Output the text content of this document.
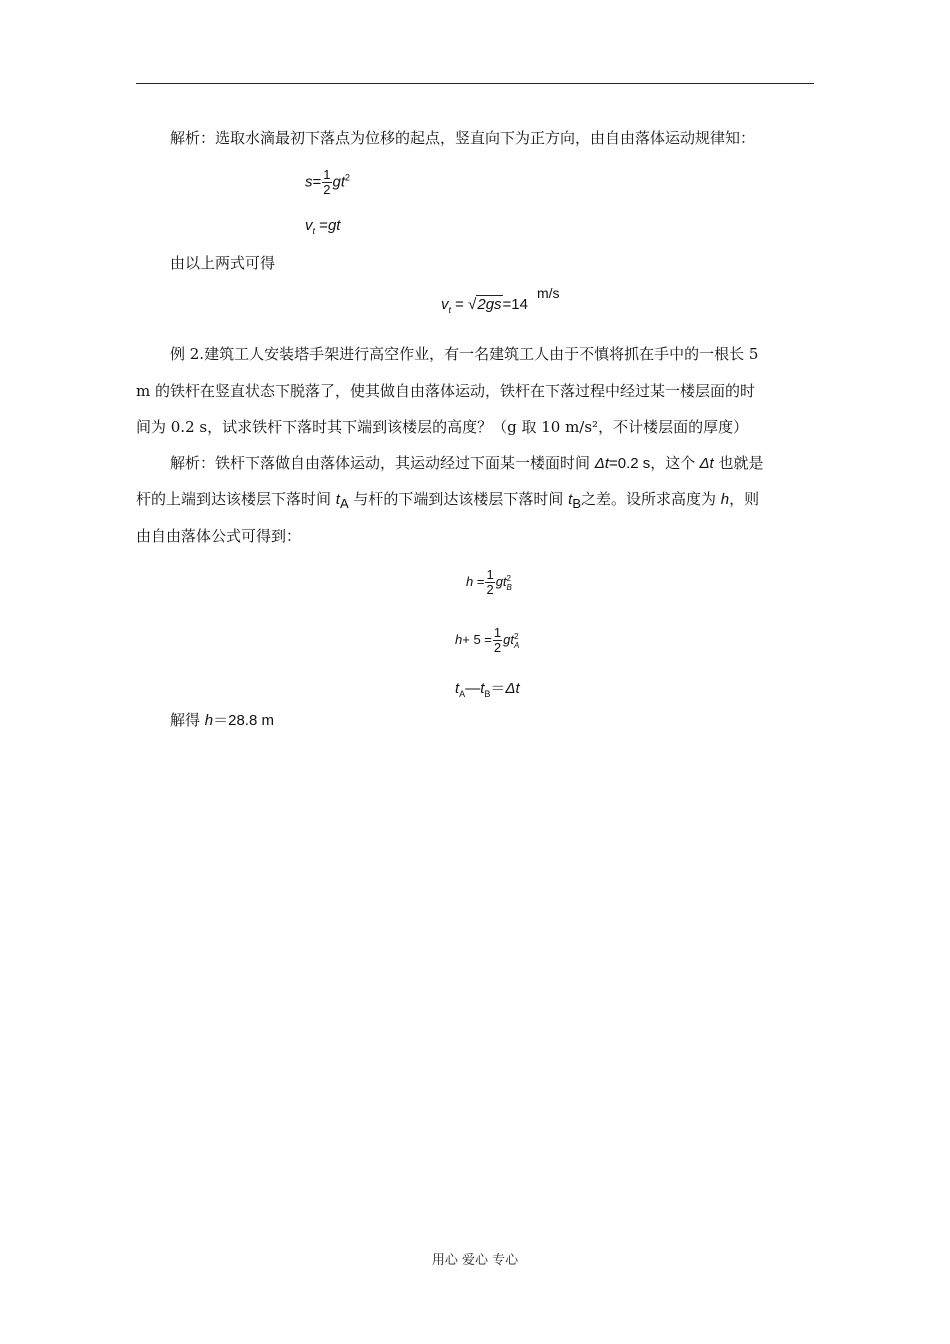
解析：选取水滴最初下落点为位移的起点，竖直向下为正方向，由自由落体运动规律知：
$s= \frac{1}{2} gt^2$
$v_t =gt$
由以上两式可得
$v_t = √2gs=14$
m/s
例 2.建筑工人安装塔手架进行高空作业，有一名建筑工人由于不慎将抓在手中的一根长 5
m 的铁杆在竖直状态下脱落了，使其做自由落体运动，铁杆在下落过程中经过某一楼层面的时
间为 0.2 s，试求铁杆下落时其下端到该楼层的高度？（g 取 10 m/s²，不计楼层面的厚度）
解析：铁杆下落做自由落体运动，其运动经过下面某一楼面时间 Δt=0.2 s，这个 Δt 也就是
杆的上端到达该楼层下落时间 $t_A$ 与杆的下端到达该楼层下落时间 $t_B$之差。设所求高度为 h，则
由自由落体公式可得到：
$h = \frac{1}{2}$ gt 2
B
$h+ 5 = \frac{1}{2}$ gt 2
A
$t_A—t_B=\Delta t$
解得 h＝28.8 m
用心 爱心 专心
